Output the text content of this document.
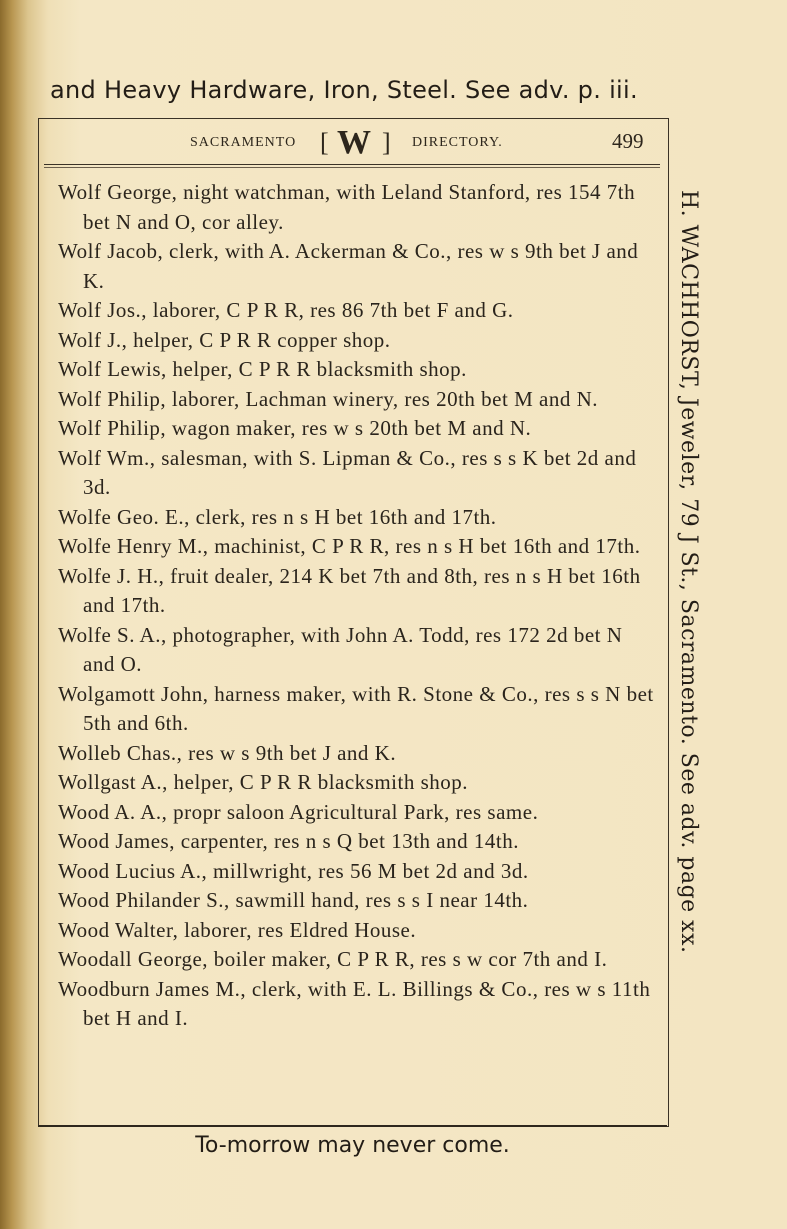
and Heavy Hardware, Iron, Steel. See adv. p. iii.
SACRAMENTO [ W ] DIRECTORY.	499

Wolf George, night watchman, with Leland Stanford, res 154 7th bet N and O, cor alley.

Wolf Jacob, clerk, with A. Ackerman & Co., res w s 9th bet J and K.

Wolf Jos., laborer, C P R R, res 86 7th bet F and G.

Wolf J., helper, C P R R copper shop.

Wolf Lewis, helper, C P R R blacksmith shop.

Wolf Philip, laborer, Lachman winery, res 20th bet M and N.

Wolf Philip, wagon maker, res w s 20th bet M and N.

Wolf Wm., salesman, with S. Lipman & Co., res s s K bet 2d and 3d.

Wolfe Geo. E., clerk, res n s H bet 16th and 17th.

Wolfe Henry M., machinist, C P R R, res n s H bet 16th and 17th.

Wolfe J. H., fruit dealer, 214 K bet 7th and 8th, res n s H bet 16th and 17th.

Wolfe S. A., photographer, with John A. Todd, res 172 2d bet N and O.

Wolgamott John, harness maker, with R. Stone & Co., res s s N bet 5th and 6th.

Wolleb Chas., res w s 9th bet J and K.

Wollgast A., helper, C P R R blacksmith shop.

Wood A. A., propr saloon Agricultural Park, res same.

Wood James, carpenter, res n s Q bet 13th and 14th.

Wood Lucius A., millwright, res 56 M bet 2d and 3d.

Wood Philander S., sawmill hand, res s s I near 14th.

Wood Walter, laborer, res Eldred House.

Woodall George, boiler maker, C P R R, res s w cor 7th and I.

Woodburn James M., clerk, with E. L. Billings & Co., res w s 11th bet H and I.

H. WACHHORST, Jeweler, 79 J St., Sacramento. See adv. page xx.
To-morrow may never come.
